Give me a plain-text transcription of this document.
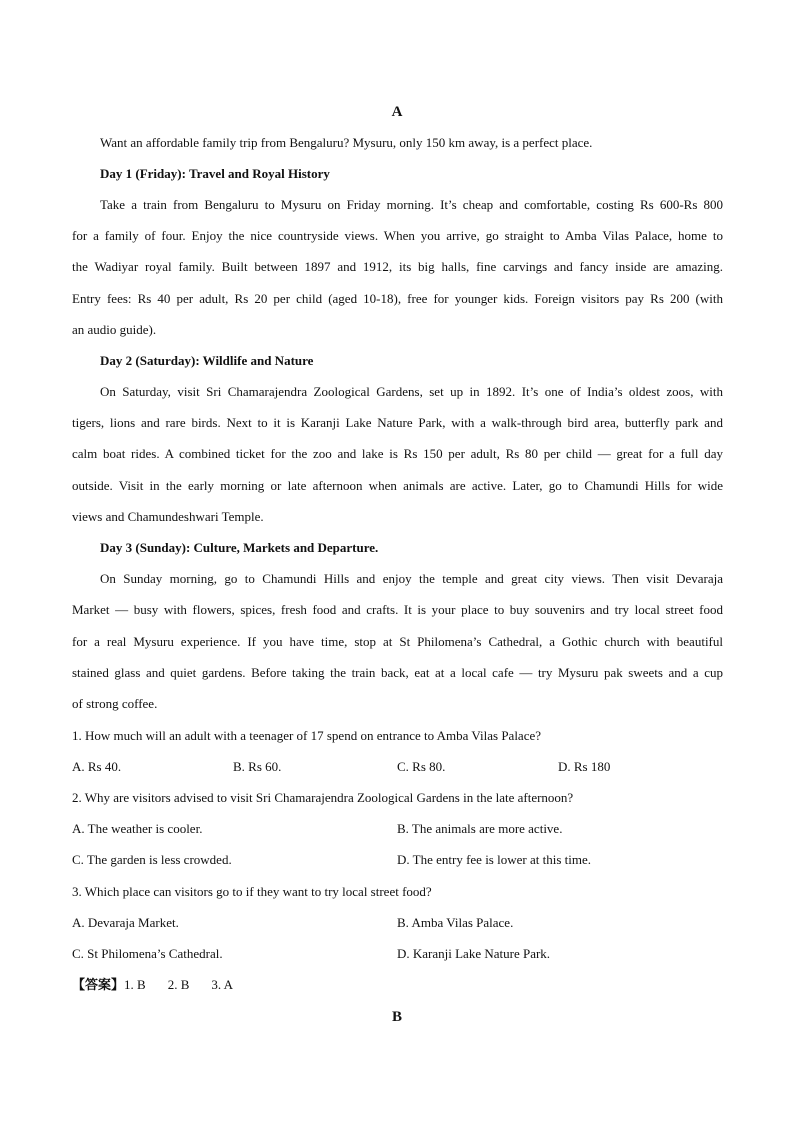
A
Want an affordable family trip from Bengaluru? Mysuru, only 150 km away, is a perfect place.
Day 1 (Friday): Travel and Royal History
Take a train from Bengaluru to Mysuru on Friday morning. It’s cheap and comfortable, costing Rs 600-Rs 800
for a family of four. Enjoy the nice countryside views. When you arrive, go straight to Amba Vilas Palace, home to
the Wadiyar royal family. Built between 1897 and 1912, its big halls, fine carvings and fancy inside are amazing.
Entry fees: Rs 40 per adult, Rs 20 per child (aged 10-18), free for younger kids. Foreign visitors pay Rs 200 (with
an audio guide).
Day 2 (Saturday): Wildlife and Nature
On Saturday, visit Sri Chamarajendra Zoological Gardens, set up in 1892. It’s one of India’s oldest zoos, with
tigers, lions and rare birds. Next to it is Karanji Lake Nature Park, with a walk-through bird area, butterfly park and
calm boat rides. A combined ticket for the zoo and lake is Rs 150 per adult, Rs 80 per child — great for a full day
outside. Visit in the early morning or late afternoon when animals are active. Later, go to Chamundi Hills for wide
views and Chamundeshwari Temple.
Day 3 (Sunday): Culture, Markets and Departure.
On Sunday morning, go to Chamundi Hills and enjoy the temple and great city views. Then visit Devaraja
Market — busy with flowers, spices, fresh food and crafts. It is your place to buy souvenirs and try local street food
for a real Mysuru experience. If you have time, stop at St Philomena’s Cathedral, a Gothic church with beautiful
stained glass and quiet gardens. Before taking the train back, eat at a local cafe — try Mysuru pak sweets and a cup
of strong coffee.
1. How much will an adult with a teenager of 17 spend on entrance to Amba Vilas Palace?
A. Rs 40.	B. Rs 60.	C. Rs 80.	D. Rs 180
2. Why are visitors advised to visit Sri Chamarajendra Zoological Gardens in the late afternoon?
A. The weather is cooler.	B. The animals are more active.
C. The garden is less crowded.	D. The entry fee is lower at this time.
3. Which place can visitors go to if they want to try local street food?
A. Devaraja Market.	B. Amba Vilas Palace.
C. St Philomena’s Cathedral.	D. Karanji Lake Nature Park.
【答案】1. B 2. B 3. A
B
